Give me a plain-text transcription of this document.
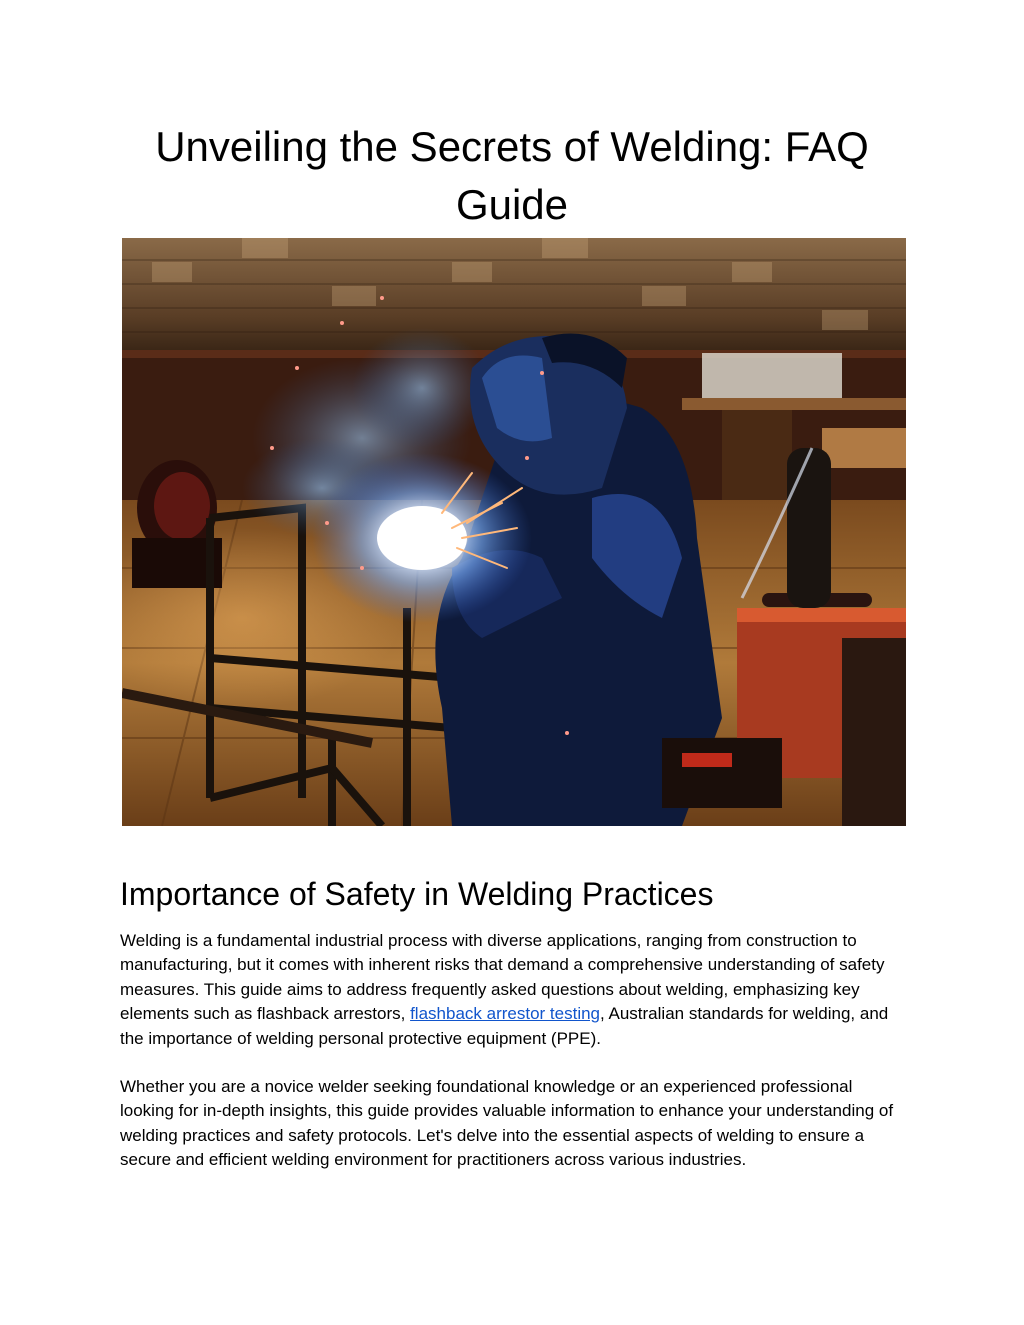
Unveiling the Secrets of Welding: FAQ Guide
Importance of Safety in Welding Practices

Welding is a fundamental industrial process with diverse applications, ranging from construction to manufacturing, but it comes with inherent risks that demand a comprehensive understanding of safety measures. This guide aims to address frequently asked questions about welding, emphasizing key elements such as flashback arrestors, flashback arrestor testing, Australian standards for welding, and the importance of welding personal protective equipment (PPE).

Whether you are a novice welder seeking foundational knowledge or an experienced professional looking for in-depth insights, this guide provides valuable information to enhance your understanding of welding practices and safety protocols. Let's delve into the essential aspects of welding to ensure a secure and efficient welding environment for practitioners across various industries.
